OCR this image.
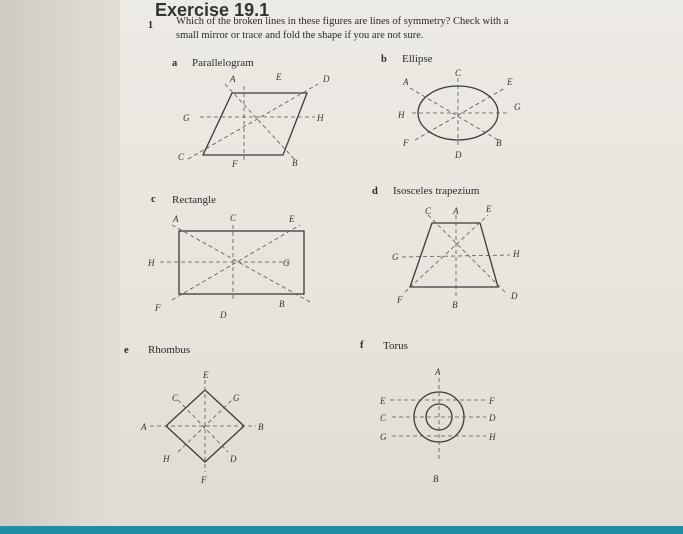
Exercise 19.1
1 Which of the broken lines in these figures are lines of symmetry? Check with a
small mirror or trace and fold the shape if you are not sure.
a Parallelogram	b Ellipse
c Rectangle
d Isosceles trapezium
e Rhombus	f Torus
A	E	D
G	H
C
F	B
C
A	E
H
G
F	B
D
A	C	E
H	G
F
D
B
C A	E
G	H
F	B
D
E
C	G
A	B
H	D
F
A
E	F
C	D
G	H
B
